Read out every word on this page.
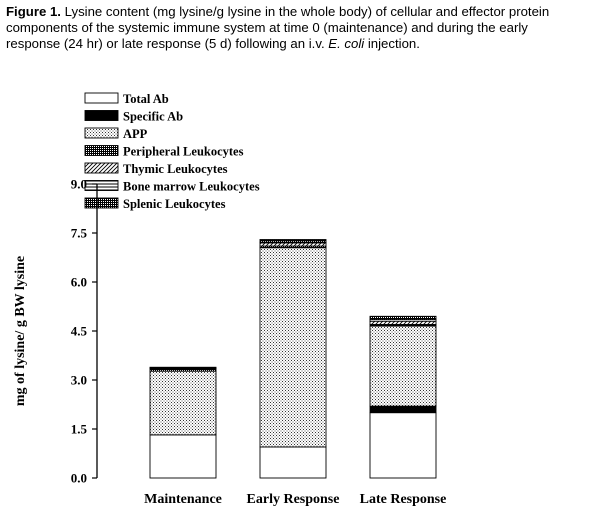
Figure 1. Lysine content (mg lysine/g lysine in the whole body) of cellular and effector protein components of the systemic immune system at time 0 (maintenance) and during the early response (24 hr) or late response (5 d) following an i.v. E. coli injection.
Total Ab
Specific Ab
APP
Peripheral Leukocytes
Thymic Leukocytes
Bone marrow Leukocytes
Splenic Leukocytes
0.0
1.5
3.0
4.5
6.0
7.5
9.0
mg of lysine/ g BW lysine
Maintenance Early Response Late Response
